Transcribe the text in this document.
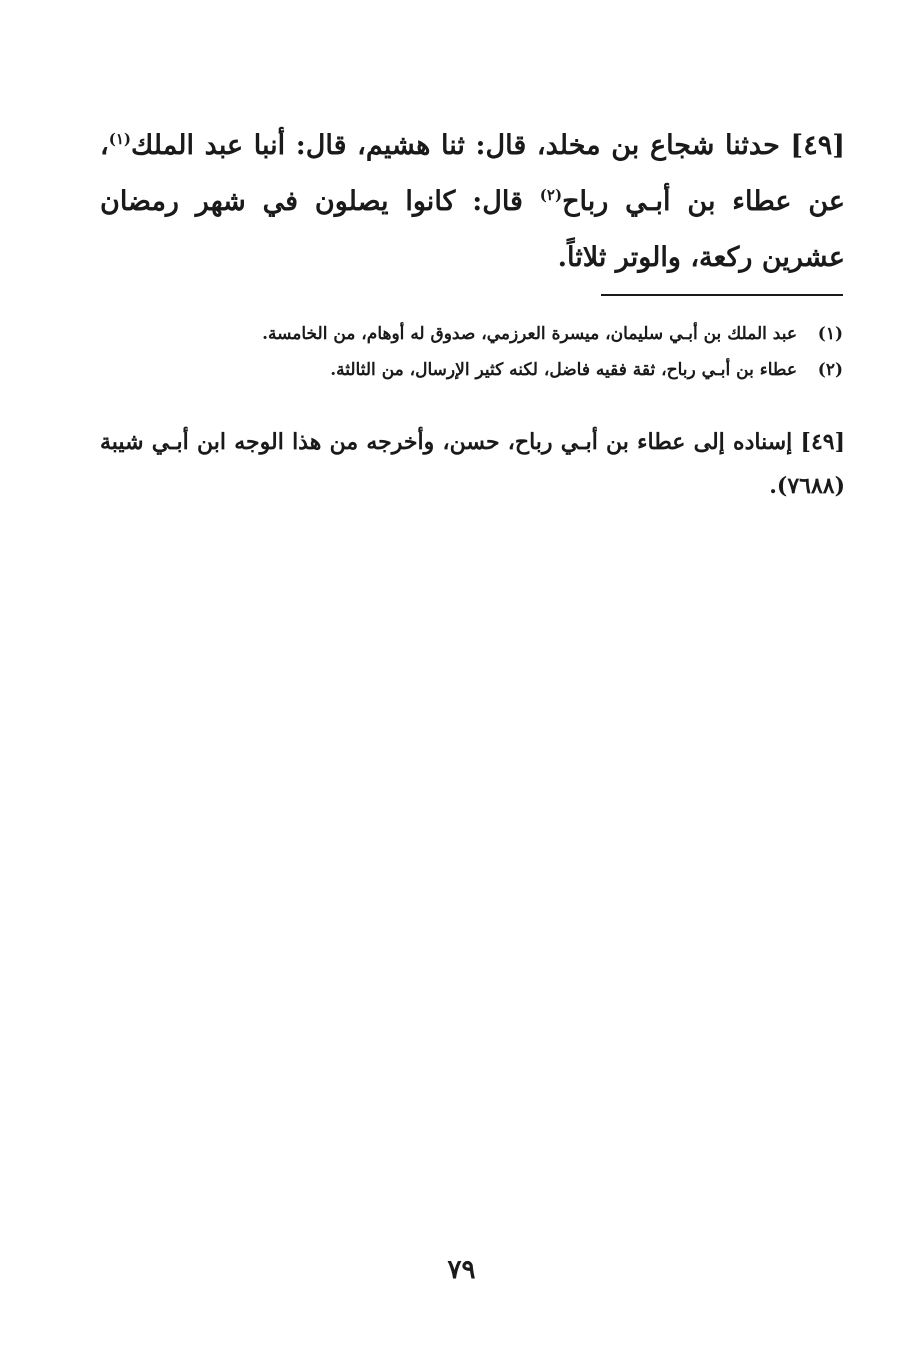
[٤٩] حدثنا شجاع بن مخلد، قال: ثنا هشيم، قال: أنبا عبد الملك$^{(١)}$، عن عطاء بن أبـي رباح$^{(٢)}$ قال: كانوا يصلون في شهر رمضان عشرين ركعة، والوتر ثلاثاً.

(١)
عبد الملك بن أبـي سليمان، ميسرة العرزمي، صدوق له أوهام، من الخامسة.
(٢)
عطاء بن أبـي رباح، ثقة فقيه فاضل، لكنه كثير الإرسال، من الثالثة.

[٤٩] إسناده إلى عطاء بن أبـي رباح، حسن، وأخرجه من هذا الوجه ابن أبـي شيبة (٧٦٨٨).

٧٩
